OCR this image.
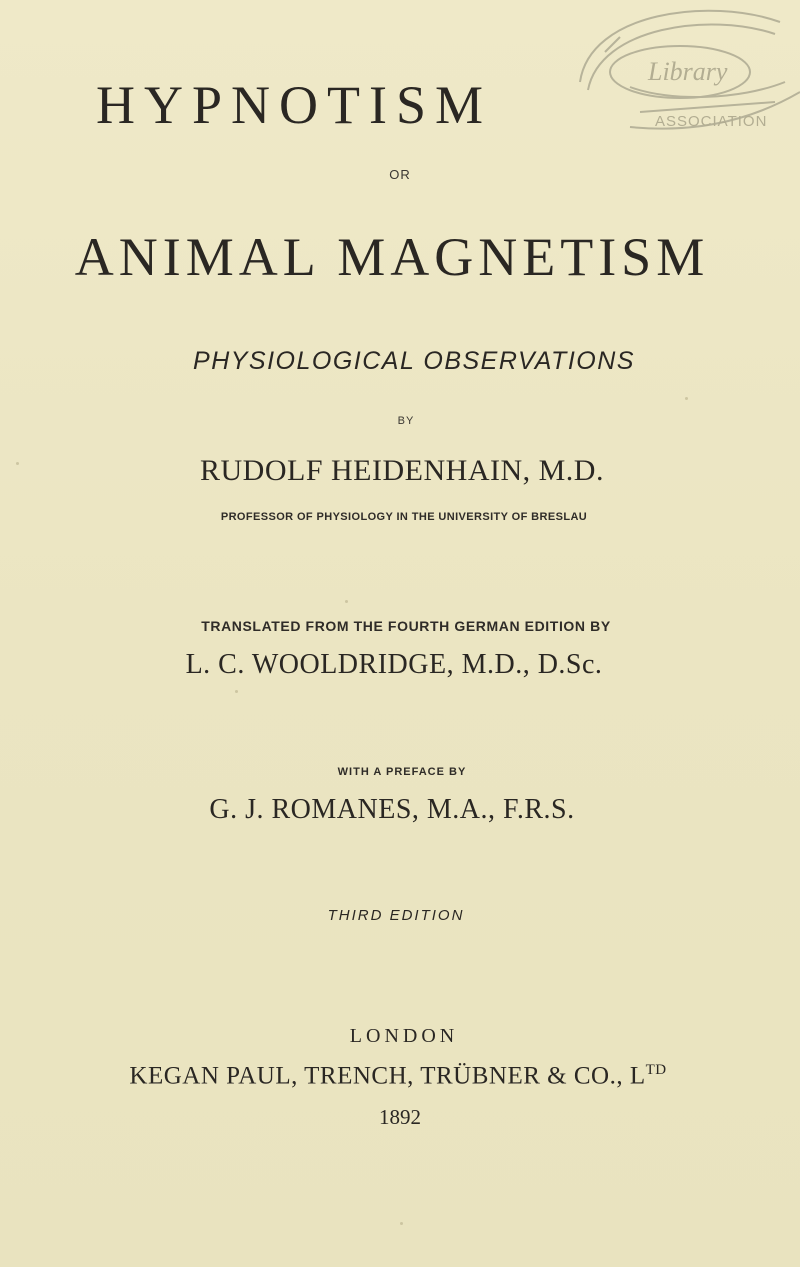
Library
ASSOCIATION
HYPNOTISM
OR
ANIMAL MAGNETISM
PHYSIOLOGICAL OBSERVATIONS
BY
RUDOLF HEIDENHAIN, M.D.
PROFESSOR OF PHYSIOLOGY IN THE UNIVERSITY OF BRESLAU
TRANSLATED FROM THE FOURTH GERMAN EDITION BY
L. C. WOOLDRIDGE, M.D., D.Sc.
WITH A PREFACE BY
G. J. ROMANES, M.A., F.R.S.
THIRD EDITION
LONDON
KEGAN PAUL, TRENCH, TRÜBNER & CO., $L^{TD}$
1892
